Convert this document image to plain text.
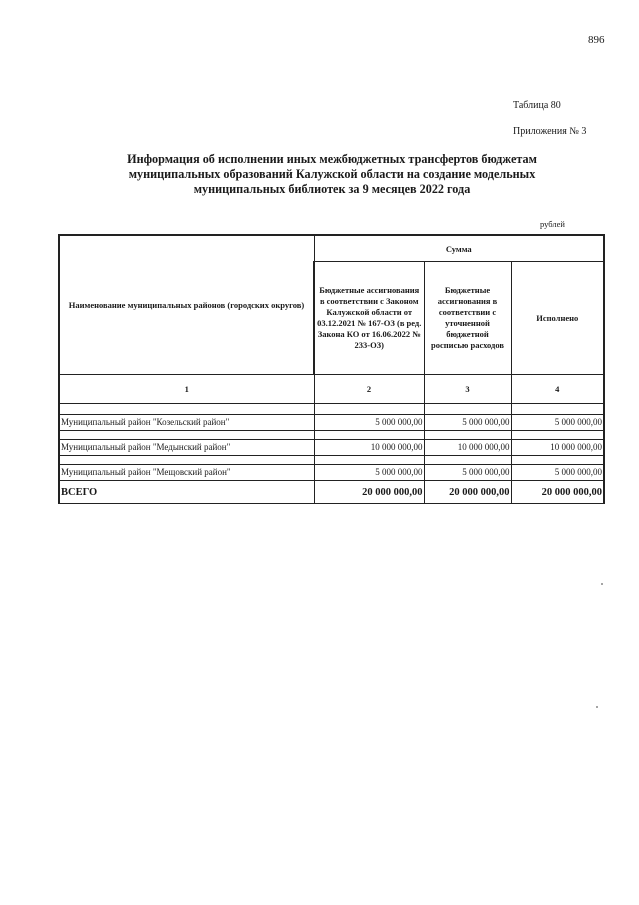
896
Таблица 80
Приложения № 3
Информация об исполнении иных межбюджетных трансфертов бюджетам
муниципальных образований Калужской области на создание модельных
муниципальных библиотек за 9 месяцев 2022 года
рублей
Наименование муниципальных районов (городских округов)	Сумма		
	Бюджетные ассигнования в соответствии с Законом Калужской области от 03.12.2021 № 167-ОЗ (в ред. Закона КО от 16.06.2022 № 233-ОЗ)	Бюджетные ассигнования в соответствии с уточненной бюджетной росписью расходов	Исполнено
1	2	3	4

Муниципальный район "Козельский район"	5 000 000,00	5 000 000,00	5 000 000,00

Муниципальный район "Медынский район"	10 000 000,00	10 000 000,00	10 000 000,00

Муниципальный район "Мещовский район"	5 000 000,00	5 000 000,00	5 000 000,00
ВСЕГО	20 000 000,00	20 000 000,00	20 000 000,00
